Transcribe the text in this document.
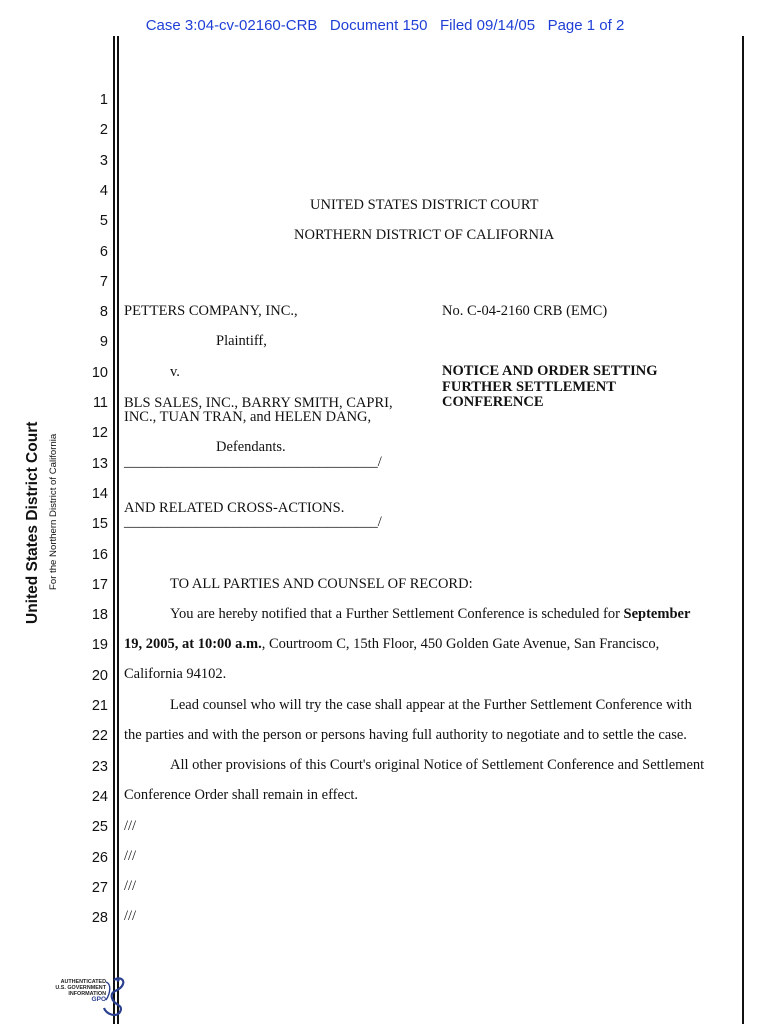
Case 3:04-cv-02160-CRB   Document 150   Filed 09/14/05   Page 1 of 2
United States District Court For the Northern District of California
1
2
3
4
5
6
7
8
9
10
11
12
13
14
15
16
17
18
19
20
21
22
23
24
25
26
27
28
UNITED STATES DISTRICT COURT
NORTHERN DISTRICT OF CALIFORNIA
PETTERS COMPANY, INC.,	No. C-04-2160 CRB (EMC)
Plaintiff,
v.	NOTICE AND ORDER SETTING
FURTHER SETTLEMENT
CONFERENCE
BLS SALES, INC., BARRY SMITH, CAPRI,
INC., TUAN TRAN, and HELEN DANG,
Defendants.
___________________________________/
AND RELATED CROSS-ACTIONS.
___________________________________/
TO ALL PARTIES AND COUNSEL OF RECORD:
You are hereby notified that a Further Settlement Conference is scheduled for September
19, 2005, at 10:00 a.m., Courtroom C, 15th Floor, 450 Golden Gate Avenue, San Francisco,
California 94102.
Lead counsel who will try the case shall appear at the Further Settlement Conference with
the parties and with the person or persons having full authority to negotiate and to settle the case.
All other provisions of this Court's original Notice of Settlement Conference and Settlement
Conference Order shall remain in effect.
///
///
///
///
AUTHENTICATED
U.S. GOVERNMENT
INFORMATION
GPO
